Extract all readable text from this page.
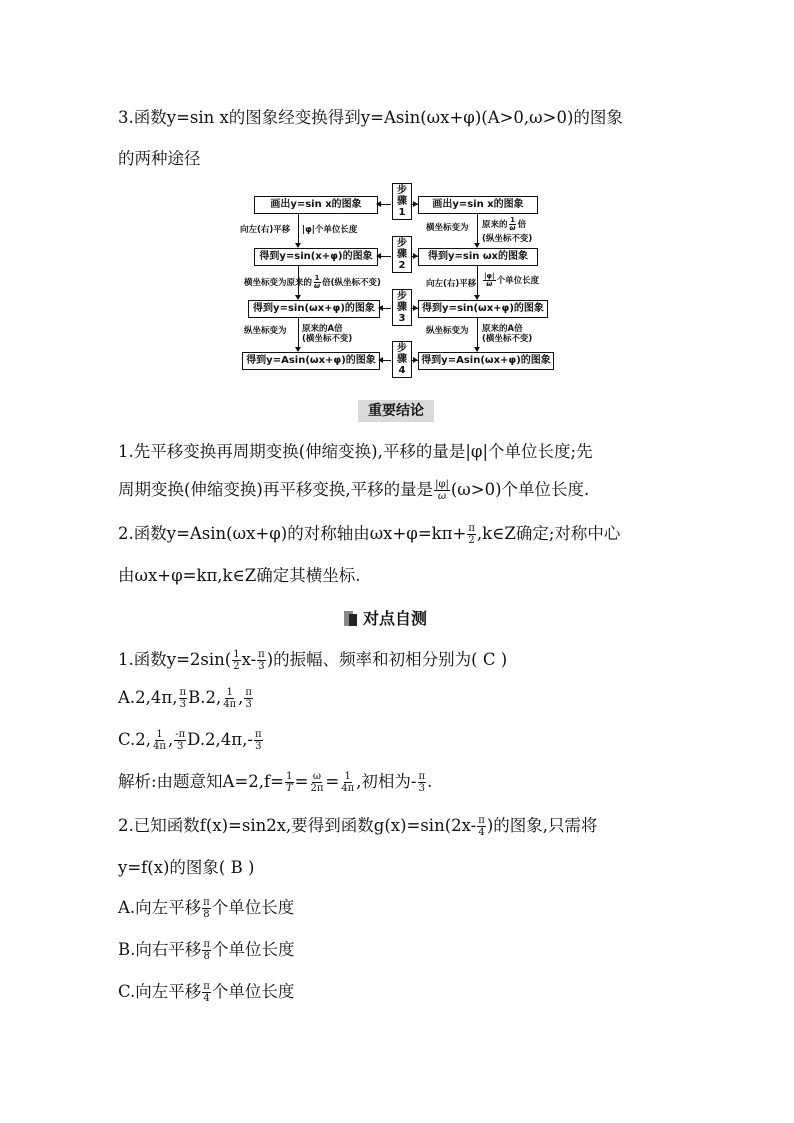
3.函数y=sin x的图象经变换得到y=Asin(ωx+φ)(A>0,ω>0)的图象
的两种途径
画出y=sin x的图象
得到y=sin(x+φ)的图象
得到y=sin(ωx+φ)的图象
得到y=Asin(ωx+φ)的图象
画出y=sin x的图象
得到y=sin ωx的图象
得到y=sin(ωx+φ)的图象
得到y=Asin(ωx+φ)的图象
步
骤
1
步
骤
2
步
骤
3
步
骤
4
向左(右)平移 |φ|个单位长度
横坐标变为原来的 $\frac{1}{\omega}$ 倍(纵坐标不变)
纵坐标变为 原来的A倍
(横坐标不变)
横坐标变为 原来的 $\frac{1}{\omega}$ 倍
(纵坐标不变)
向左(右)平移 $\frac{|\varphi|}{\omega}$ 个单位长度
纵坐标变为 原来的A倍
(横坐标不变)
重要结论
1.先平移变换再周期变换(伸缩变换),平移的量是|φ|个单位长度;先
周期变换(伸缩变换)再平移变换,平移的量是 $\frac{|\varphi|}{\omega} (\omega>0)$个单位长度.
2.函数y=Asin(ωx+φ)的对称轴由$\omega x+\varphi=k\pi+ \frac{\pi}{2}$ ,k∈Z确定;对称中心
由ωx+φ=kπ,k∈Z确定其横坐标.
对点自测
1.函数$y=2\sin( \frac{1}{2} x- \frac{\pi}{3}$ )的振幅、频率和初相分别为( C )
A.2,4π, $\frac{\pi}{3} B.2$, $\frac{1}{4\pi}$ , $\frac{\pi}{3}$
C.2, $\frac{1}{4\pi}$ , $\frac{-\pi}{3} D.2,4\pi,- \frac{\pi}{3}$
解析:由题意知$A=2,f= \frac{1}{T} = \frac{\omega}{2\pi} = \frac{1}{4\pi}$ ,初相为- $\frac{\pi}{3}$ .
2.已知函数f(x)=sin2x,要得到函数$g(x)=\sin(2x- \frac{\pi}{4}$ )的图象,只需将
y=f(x)的图象( B )
A.向左平移 $\frac{\pi}{8}$ 个单位长度
B.向右平移 $\frac{\pi}{8}$ 个单位长度
C.向左平移 $\frac{\pi}{4}$ 个单位长度
